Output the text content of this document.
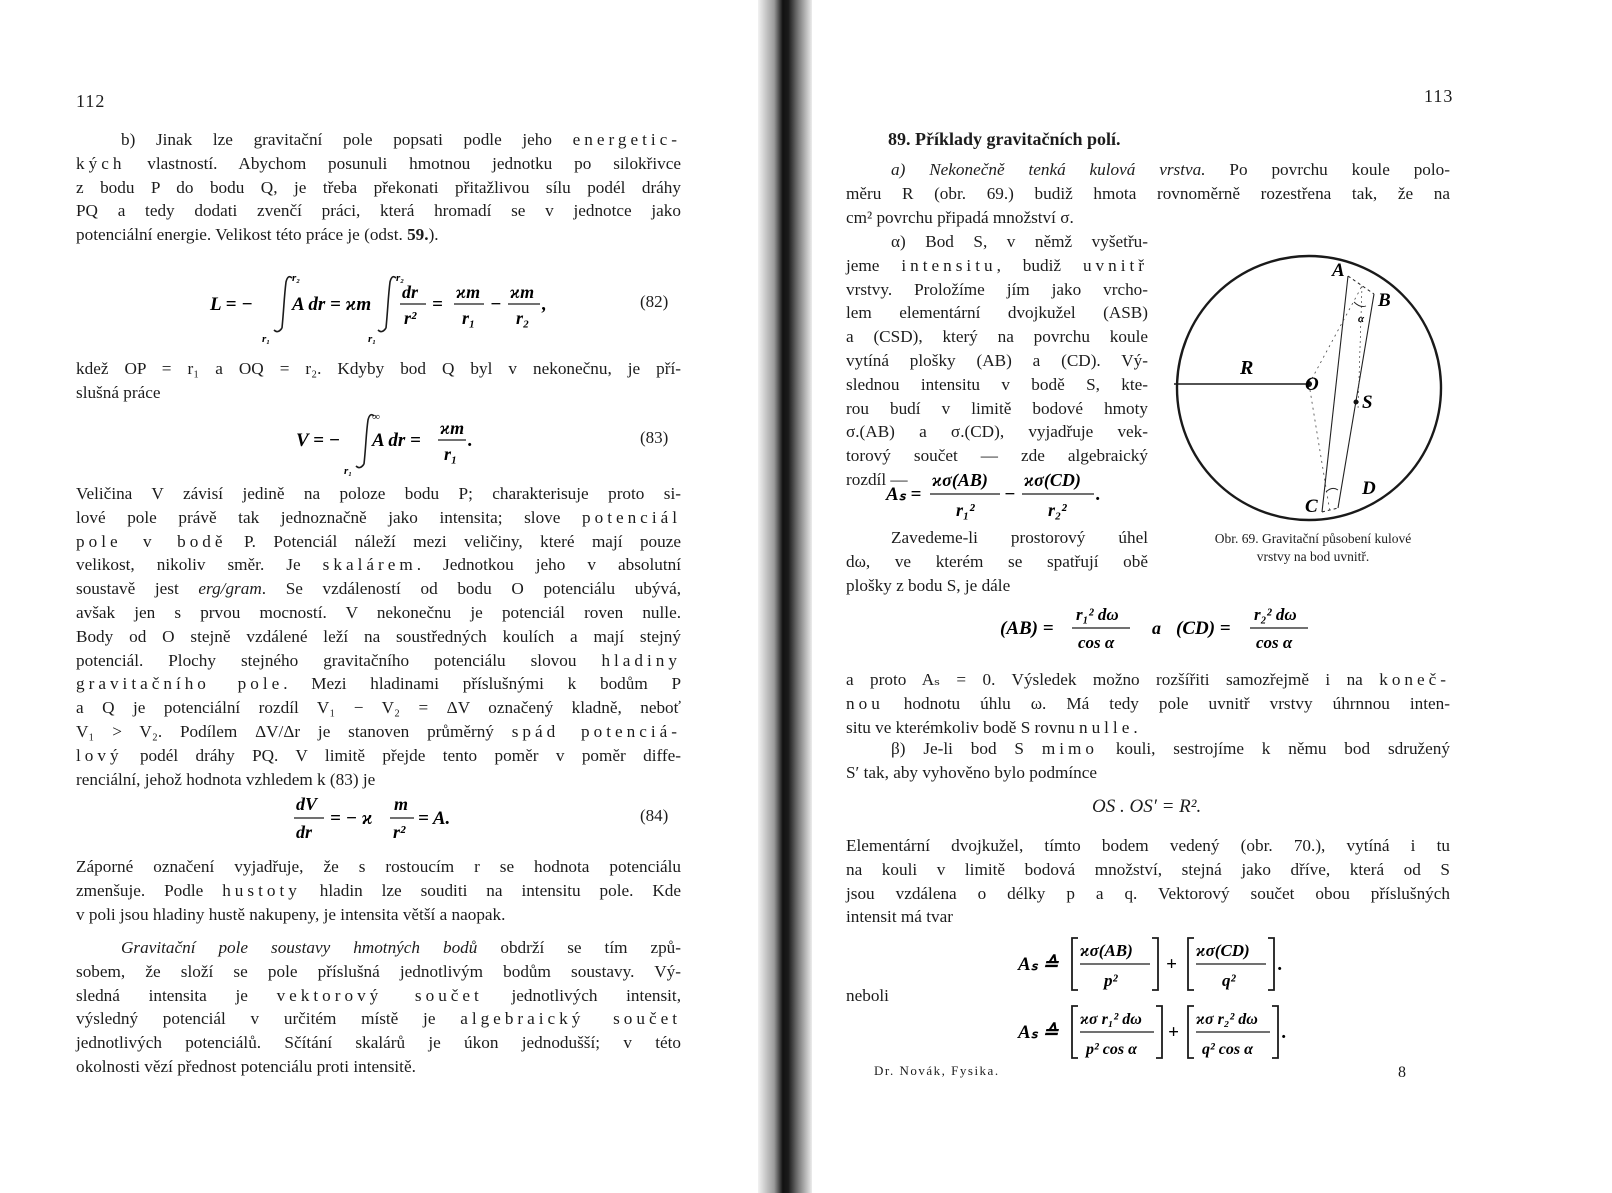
112
b) Jinak lze gravitační pole popsati podle jeho energetic-
kých vlastností. Abychom posunuli hmotnou jednotku po silokřivce
z bodu P do bodu Q, je třeba překonati přitažlivou sílu podél dráhy
PQ a tedy dodati zvenčí práci, která hromadí se v jednotce jako
potenciální energie. Velikost této práce je (odst. 59.).
L = −
r₂
r₁
A dr = ϰm
r₂
r₁
dr
r²
=
ϰm
r₁
−
ϰm
r₂
,	(82)
kdež OP = r₁ a OQ = r₂. Kdyby bod Q byl v nekonečnu, je pří-
slušná práce
V = −
∞
r₁
A dr =
ϰm
r₁
.	(83)
Veličina V závisí jedině na poloze bodu P; charakterisuje proto si-
lové pole právě tak jednoznačně jako intensita; slove potenciál
pole v bodě P. Potenciál náleží mezi veličiny, které mají pouze
velikost, nikoliv směr. Je skalárem. Jednotkou jeho v absolutní
soustavě jest erg/gram. Se vzdáleností od bodu O potenciálu ubývá,
avšak jen s prvou mocností. V nekonečnu je potenciál roven nulle.
Body od O stejně vzdálené leží na soustředných koulích a mají stejný
potenciál. Plochy stejného gravitačního potenciálu slovou hladiny
gravitačního pole. Mezi hladinami příslušnými k bodům P
a Q je potenciální rozdíl V₁ − V₂ = ΔV označený kladně, neboť
V₁ > V₂. Podílem ΔV/Δr je stanoven průměrný spád potenciá-
lový podél dráhy PQ. V limitě přejde tento poměr v poměr diffe-
renciální, jehož hodnota vzhledem k (83) je
dV
dr
= − ϰ
m
r²
= A.	(84)
Záporné označení vyjadřuje, že s rostoucím r se hodnota potenciálu
zmenšuje. Podle hustoty hladin lze souditi na intensitu pole. Kde
v poli jsou hladiny hustě nakupeny, je intensita větší a naopak.
Gravitační pole soustavy hmotných bodů obdrží se tím způ-
sobem, že složí se pole příslušná jednotlivým bodům soustavy. Vý-
sledná intensita je vektorový součet jednotlivých intensit,
výsledný potenciál v určitém místě je algebraický součet
jednotlivých potenciálů. Sčítání skalárů je úkon jednodušší; v této
okolnosti vězí přednost potenciálu proti intensitě.
113
89. Příklady gravitačních polí.
a) Nekonečně tenká kulová vrstva. Po povrchu koule polo-
měru R (obr. 69.) budiž hmota rovnoměrně rozestřena tak, že na
cm² povrchu připadá množství σ.
α) Bod S, v němž vyšetřu-
jeme intensitu, budiž uvnitř
vrstvy. Proložíme jím jako vrcho-
lem elementární dvojkužel (ASB)
a (CSD), který na povrchu koule
vytíná plošky (AB) a (CD). Vý-
slednou intensitu v bodě S, kte-
rou budí v limitě bodové hmoty
σ.(AB) a σ.(CD), vyjadřuje vek-
torový součet — zde algebraický
rozdíl —
Aₛ =
ϰσ(AB)
r₁²
−
ϰσ(CD)
r₂²
.
Zavedeme-li prostorový úhel
dω, ve kterém se spatřují obě
plošky z bodu S, je dále
A
B
R
O
S
C
D
α
Obr. 69. Gravitační působení kulové
vrstvy na bod uvnitř.
(AB) =
r₁² dω
cos α
a (CD) =
r₂² dω
cos α
a proto Aₛ = 0. Výsledek možno rozšířiti samozřejmě i na koneč-
nou hodnotu úhlu ω. Má tedy pole uvnitř vrstvy úhrnnou inten-
situ ve kterémkoliv bodě S rovnu nulle.
β) Je-li bod S mimo kouli, sestrojíme k němu bod sdružený
S′ tak, aby vyhověno bylo podmínce
OS . OS′ = R².
Elementární dvojkužel, tímto bodem vedený (obr. 70.), vytíná i tu
na kouli v limitě bodová množství, stejná jako dříve, která od S
jsou vzdálena o délky p a q. Vektorový součet obou příslušných
intensit má tvar
Aₛ ≙
ϰσ(AB)
p²
+
ϰσ(CD)
q²
.
neboli
Aₛ ≙
ϰσ r₁² dω
p² cos α
+
ϰσ r₂² dω
q² cos α
.
Dr. Novák, Fysika.	8
